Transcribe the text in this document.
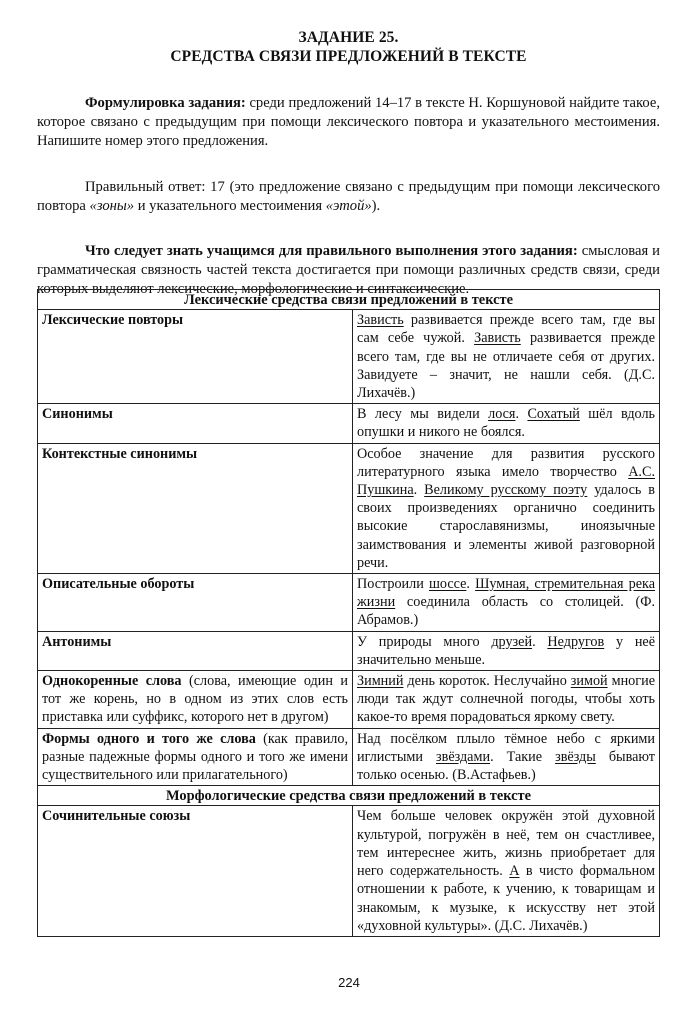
ЗАДАНИЕ 25.
СРЕДСТВА СВЯЗИ ПРЕДЛОЖЕНИЙ В ТЕКСТЕ

Формулировка задания: среди предложений 14–17 в тексте Н. Коршуновой найдите такое, которое связано с предыдущим при помощи лексического повтора и указательного местоимения. Напишите номер этого предложения.

Правильный ответ: 17 (это предложение связано с предыдущим при помощи лексического повтора «зоны» и указательного местоимения «этой»).

Что следует знать учащимся для правильного выполнения этого задания: смысловая и грамматическая связность частей текста достигается при помощи различных средств связи, среди которых выделяют лексические, морфологические и синтаксические.

Лексические средства связи предложений в тексте	
Лексические повторы	Зависть развивается прежде всего там, где вы сам себе чужой. Зависть развивается прежде всего там, где вы не отличаете себя от других. Завидуете – значит, не нашли себя. (Д.С. Лихачёв.)
Синонимы	В лесу мы видели лося. Сохатый шёл вдоль опушки и никого не боялся.
Контекстные синонимы	Особое значение для развития русского литературного языка имело творчество А.С. Пушкина. Великому русскому поэту удалось в своих произведениях органично соединить высокие старославянизмы, иноязычные заимствования и элементы живой разговорной речи.
Описательные обороты	Построили шоссе. Шумная, стремительная река жизни соединила область со столицей. (Ф. Абрамов.)
Антонимы	У природы много друзей. Недругов у неё значительно меньше.
Однокоренные слова (слова, имеющие один и тот же корень, но в одном из этих слов есть приставка или суффикс, которого нет в другом)	Зимний день короток. Неслучайно зимой многие люди так ждут солнечной погоды, чтобы хоть какое-то время порадоваться яркому свету.
Формы одного и того же слова (как правило, разные падежные формы одного и того же имени существительного или прилагательного)	Над посёлком плыло тёмное небо с яркими иглистыми звёздами. Такие звёзды бывают только осенью. (В.Астафьев.)
Морфологические средства связи предложений в тексте	
Сочинительные союзы	Чем больше человек окружён этой духовной культурой, погружён в неё, тем он счастливее, тем интереснее жить, жизнь приобретает для него содержательность. А в чисто формальном отношении к работе, к учению, к товарищам и знакомым, к музыке, к искусству нет этой «духовной культуры». (Д.С. Лихачёв.)
224
